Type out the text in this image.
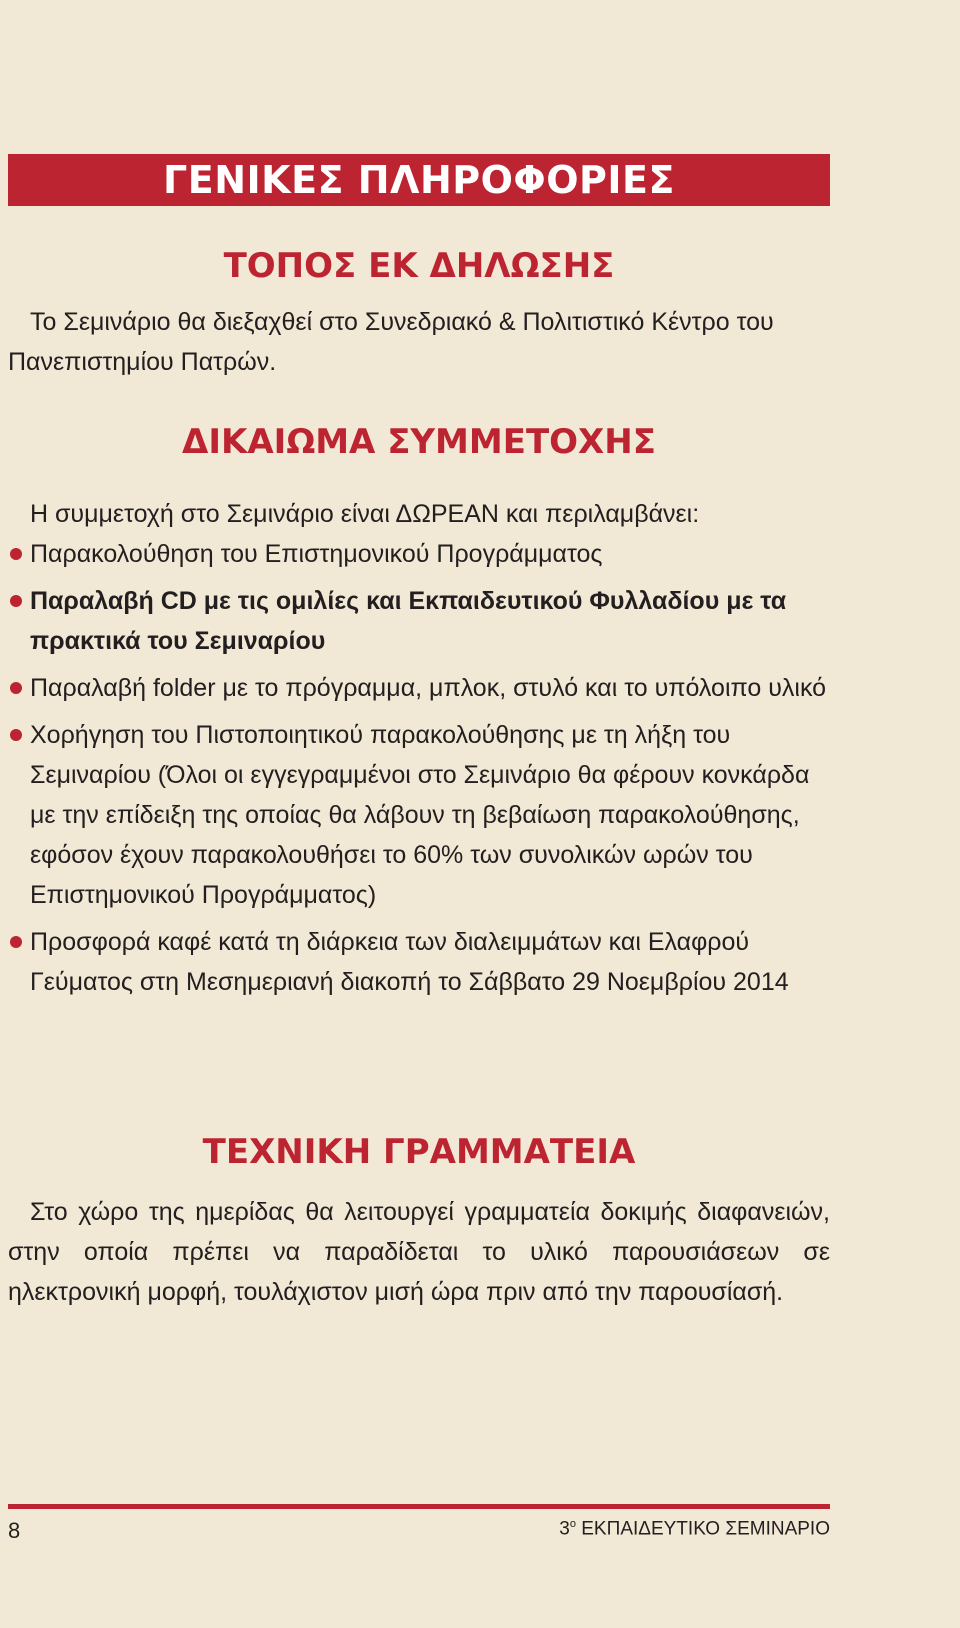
ΓΕΝΙΚΕΣ ΠΛΗΡΟΦΟΡΙΕΣ
ΤΟΠΟΣ ΕΚ ΔΗΛΩΣΗΣ

Το Σεμινάριο θα διεξαχθεί στο Συνεδριακό & Πολιτιστικό Κέντρο του Πανεπιστημίου Πατρών.

ΔΙΚΑΙΩΜΑ ΣΥΜΜΕΤΟΧΗΣ

Η συμμετοχή στο Σεμινάριο είναι ΔΩΡΕΑΝ και περιλαμβάνει:

Παρακολούθηση του Επιστημονικού Προγράμματος
Παραλαβή CD με τις ομιλίες και Εκπαιδευτικού Φυλλαδίου με τα πρακτικά του Σεμιναρίου
Παραλαβή folder με το πρόγραμμα, μπλοκ, στυλό και το υπόλοιπο υλικό
Χορήγηση του Πιστοποιητικού παρακολούθησης με τη λήξη του Σεμιναρίου (Όλοι οι εγγεγραμμένοι στο Σεμινάριο θα φέρουν κονκάρδα με την επίδειξη της οποίας θα λάβουν τη βεβαίωση παρακολούθησης, εφόσον έχουν παρακολουθήσει το 60% των συνολικών ωρών του Επιστημονικού Προγράμματος)
Προσφορά καφέ κατά τη διάρκεια των διαλειμμάτων και Ελαφρού Γεύματος στη Μεσημεριανή διακοπή το Σάββατο 29 Νοεμβρίου 2014
ΤΕΧΝΙΚΗ ΓΡΑΜΜΑΤΕΙΑ

Στο χώρο της ημερίδας θα λειτουργεί γραμματεία δοκιμής διαφανειών, στην οποία πρέπει να παραδίδεται το υλικό παρουσιάσεων σε ηλεκτρονική μορφή, τουλάχιστον μισή ώρα πριν από την παρουσίασή.

8	$3^o$ ΕΚΠΑΙΔΕΥΤΙΚΟ ΣΕΜΙΝΑΡΙΟ
